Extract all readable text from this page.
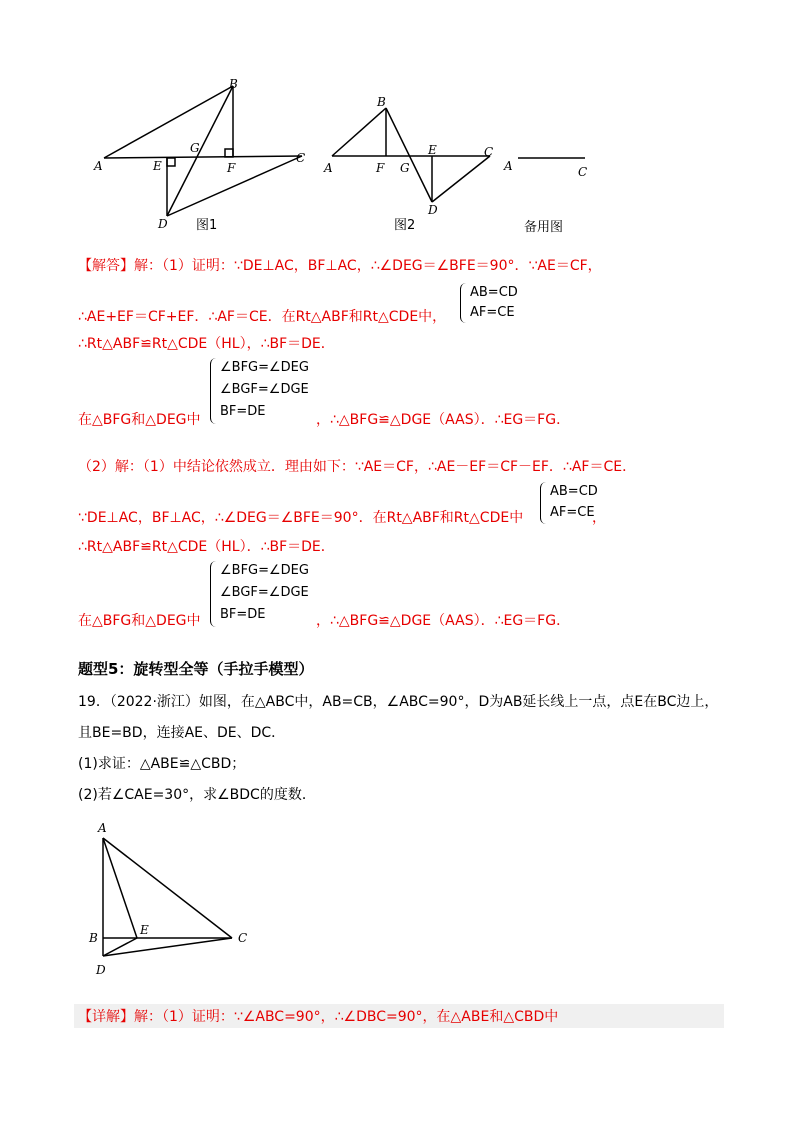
A
B
C
D
E	F
G
图1
A
B
C
D
E
F G
图2
A	C
备用图
【解答】解：（1）证明：∵DE⊥AC，BF⊥AC，∴∠DEG＝∠BFE＝90°．∵AE＝CF，
∴AE+EF＝CF+EF．∴AF＝CE．在Rt△ABF和Rt△CDE中，
AB=CD
AF=CE
∴Rt△ABF≌Rt△CDE（HL），∴BF＝DE．
∠BFG=∠DEG
∠BGF=∠DGE
BF=DE
在△BFG和△DEG中	，∴△BFG≌△DGE（AAS）．∴EG＝FG．
（2）解：（1）中结论依然成立．理由如下：∵AE＝CF，∴AE－EF＝CF－EF．∴AF＝CE．
∵DE⊥AC，BF⊥AC，∴∠DEG＝∠BFE＝90°．在Rt△ABF和Rt△CDE中
AB=CD
AF=CE
，
∴Rt△ABF≌Rt△CDE（HL）．∴BF＝DE．
∠BFG=∠DEG
∠BGF=∠DGE
BF=DE
在△BFG和△DEG中	，∴△BFG≌△DGE（AAS）．∴EG＝FG．
题型5：旋转型全等（手拉手模型）
19．（2022·浙江）如图，在△ABC中，AB=CB，∠ABC=90°，D为AB延长线上一点，点E在BC边上，
且BE=BD，连接AE、DE、DC．
(1)求证：△ABE≌△CBD；
(2)若∠CAE=30°，求∠BDC的度数．
A
B	C
D
E
【详解】解：（1）证明：∵∠ABC=90°，∴∠DBC=90°，在△ABE和△CBD中
